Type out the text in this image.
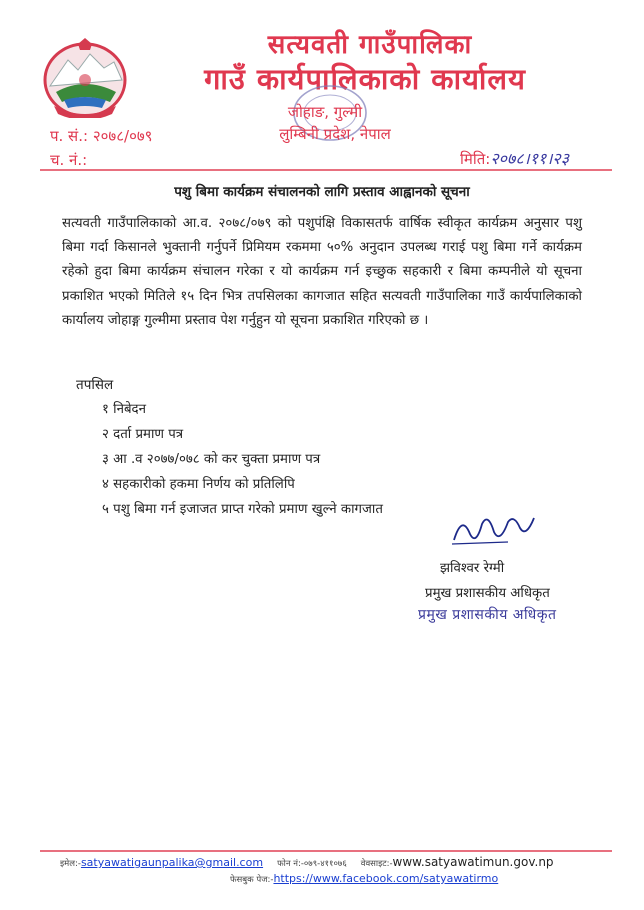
सत्यवती गाउँपालिका
गाउँ कार्यपालिकाको कार्यालय
जोहाङ, गुल्मी
लुम्बिनी प्रदेश, नेपाल
प. सं.: २०७८/०७९
च. नं.:	मिति:२०७८।११।२३
पशु बिमा कार्यक्रम संचालनको लागि प्रस्ताव आह्वानको सूचना
सत्यवती गाउँपालिकाको आ.व. २०७८/०७९ को पशुपंक्षि विकासतर्फ वार्षिक स्वीकृत कार्यक्रम अनुसार पशु बिमा गर्दा किसानले भुक्तानी गर्नुपर्ने प्रिमियम रकममा ५०% अनुदान उपलब्ध गराई पशु बिमा गर्ने कार्यक्रम रहेको हुदा बिमा कार्यक्रम संचालन गरेका र यो कार्यक्रम गर्न इच्छुक सहकारी र बिमा कम्पनीले यो सूचना प्रकाशित भएको मितिले १५ दिन भित्र तपसिलका कागजात सहित सत्यवती गाउँपालिका गाउँ कार्यपालिकाको कार्यालय जोहाङ्ग गुल्मीमा प्रस्ताव पेश गर्नुहुन यो सूचना प्रकाशित गरिएको छ ।
तपसिल
१ निबेदन
२ दर्ता प्रमाण पत्र
३ आ .व २०७७/०७८ को कर चुक्ता प्रमाण पत्र
४ सहकारीको हकमा निर्णय को प्रतिलिपि
५ पशु बिमा गर्न इजाजत प्राप्त गरेको प्रमाण खुल्ने कागजात
झविश्वर रेग्मी
प्रमुख प्रशासकीय अधिकृत
प्रमुख प्रशासकीय अधिकृत
इमेल:-satyawatigaunpalika@gmail.com फोन नं:-०७९-४११०७६ वेवसाइट:-www.satyawatimun.gov.np
फेसबुक पेज:-https://www.facebook.com/satyawatirmo
